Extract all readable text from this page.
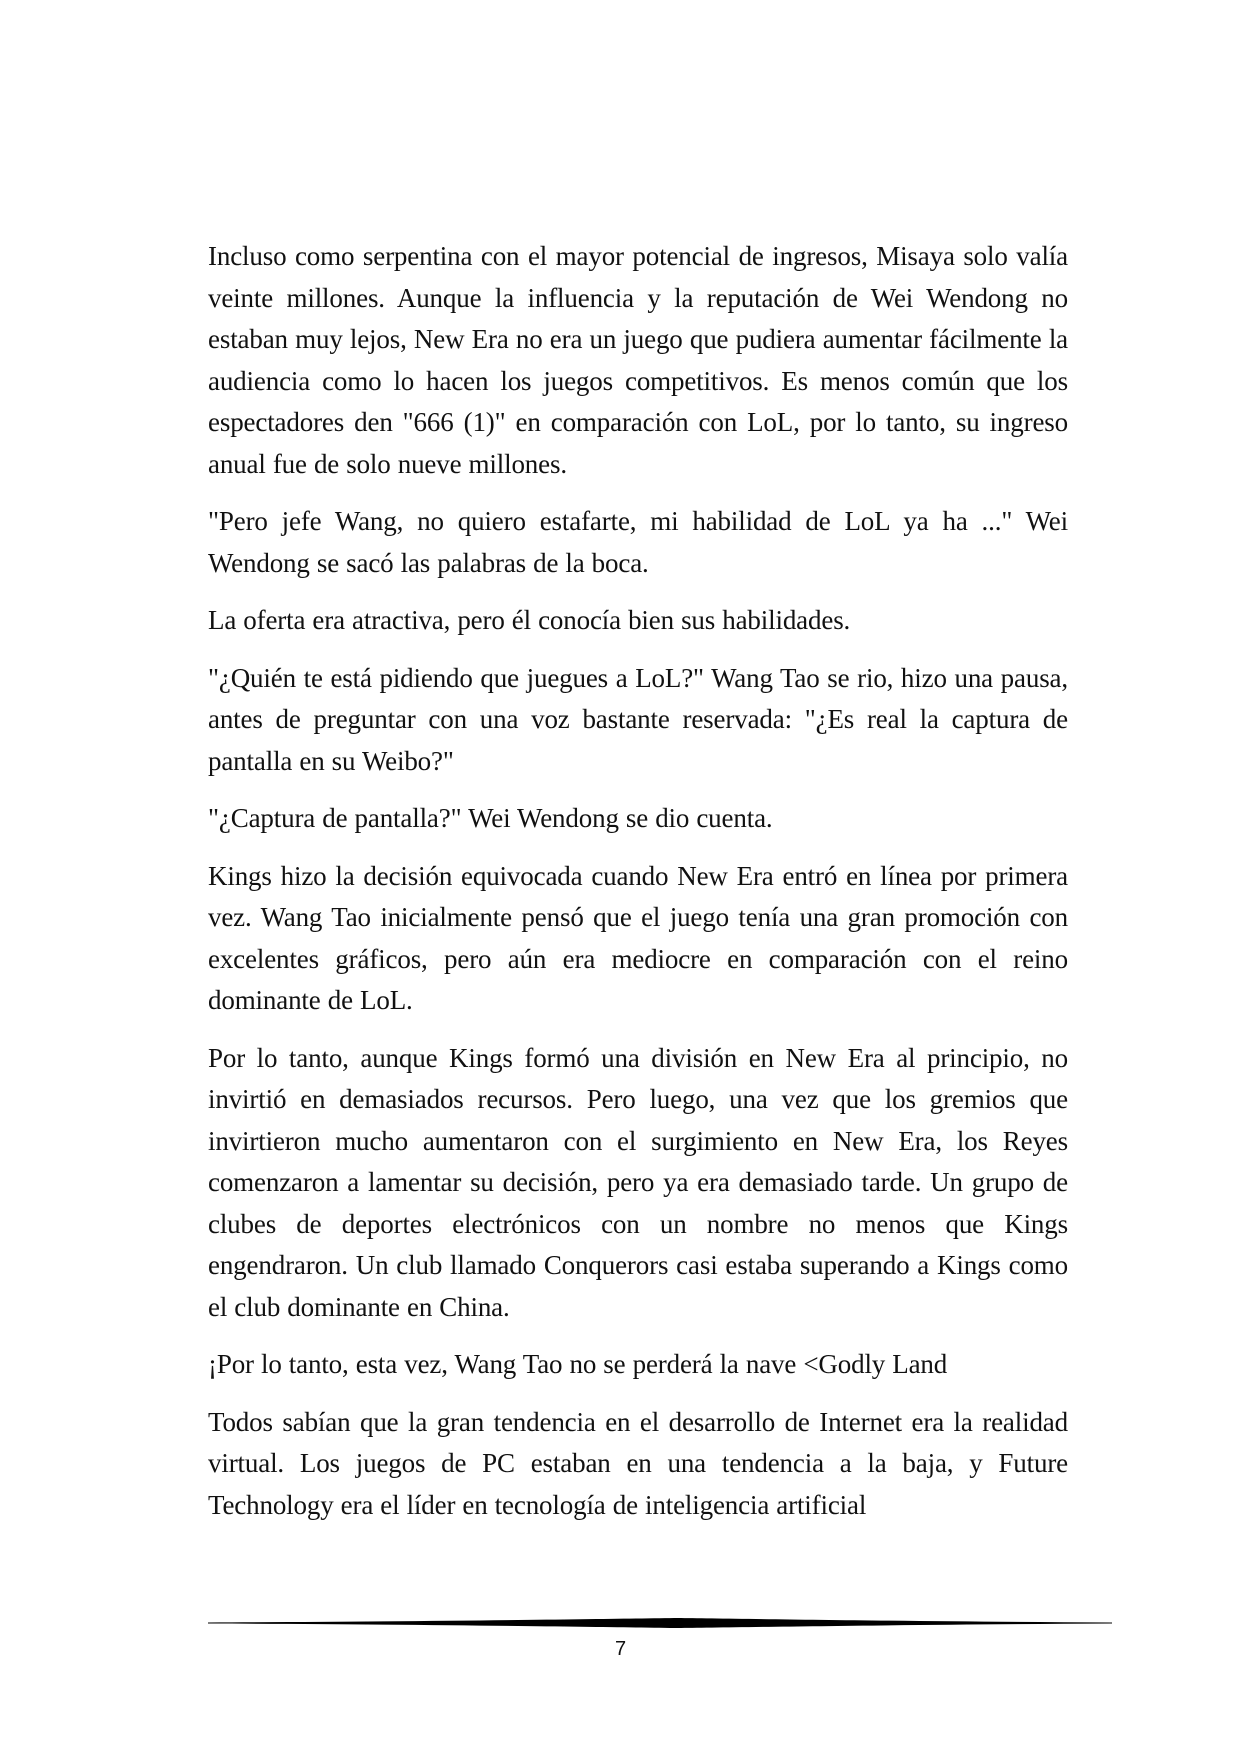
Incluso como serpentina con el mayor potencial de ingresos, Misaya solo valía veinte millones. Aunque la influencia y la reputación de Wei Wendong no estaban muy lejos, New Era no era un juego que pudiera aumentar fácilmente la audiencia como lo hacen los juegos competitivos. Es menos común que los espectadores den "666 (1)" en comparación con LoL, por lo tanto, su ingreso anual fue de solo nueve millones.

"Pero jefe Wang, no quiero estafarte, mi habilidad de LoL ya ha ..." Wei Wendong se sacó las palabras de la boca.

La oferta era atractiva, pero él conocía bien sus habilidades.

"¿Quién te está pidiendo que juegues a LoL?" Wang Tao se rio, hizo una pausa, antes de preguntar con una voz bastante reservada: "¿Es real la captura de pantalla en su Weibo?"

"¿Captura de pantalla?" Wei Wendong se dio cuenta.

Kings hizo la decisión equivocada cuando New Era entró en línea por primera vez. Wang Tao inicialmente pensó que el juego tenía una gran promoción con excelentes gráficos, pero aún era mediocre en comparación con el reino dominante de LoL.

Por lo tanto, aunque Kings formó una división en New Era al principio, no invirtió en demasiados recursos. Pero luego, una vez que los gremios que invirtieron mucho aumentaron con el surgimiento en New Era, los Reyes comenzaron a lamentar su decisión, pero ya era demasiado tarde. Un grupo de clubes de deportes electrónicos con un nombre no menos que Kings engendraron. Un club llamado Conquerors casi estaba superando a Kings como el club dominante en China.

¡Por lo tanto, esta vez, Wang Tao no se perderá la nave <Godly Land

Todos sabían que la gran tendencia en el desarrollo de Internet era la realidad virtual. Los juegos de PC estaban en una tendencia a la baja, y Future Technology era el líder en tecnología de inteligencia artificial

7
